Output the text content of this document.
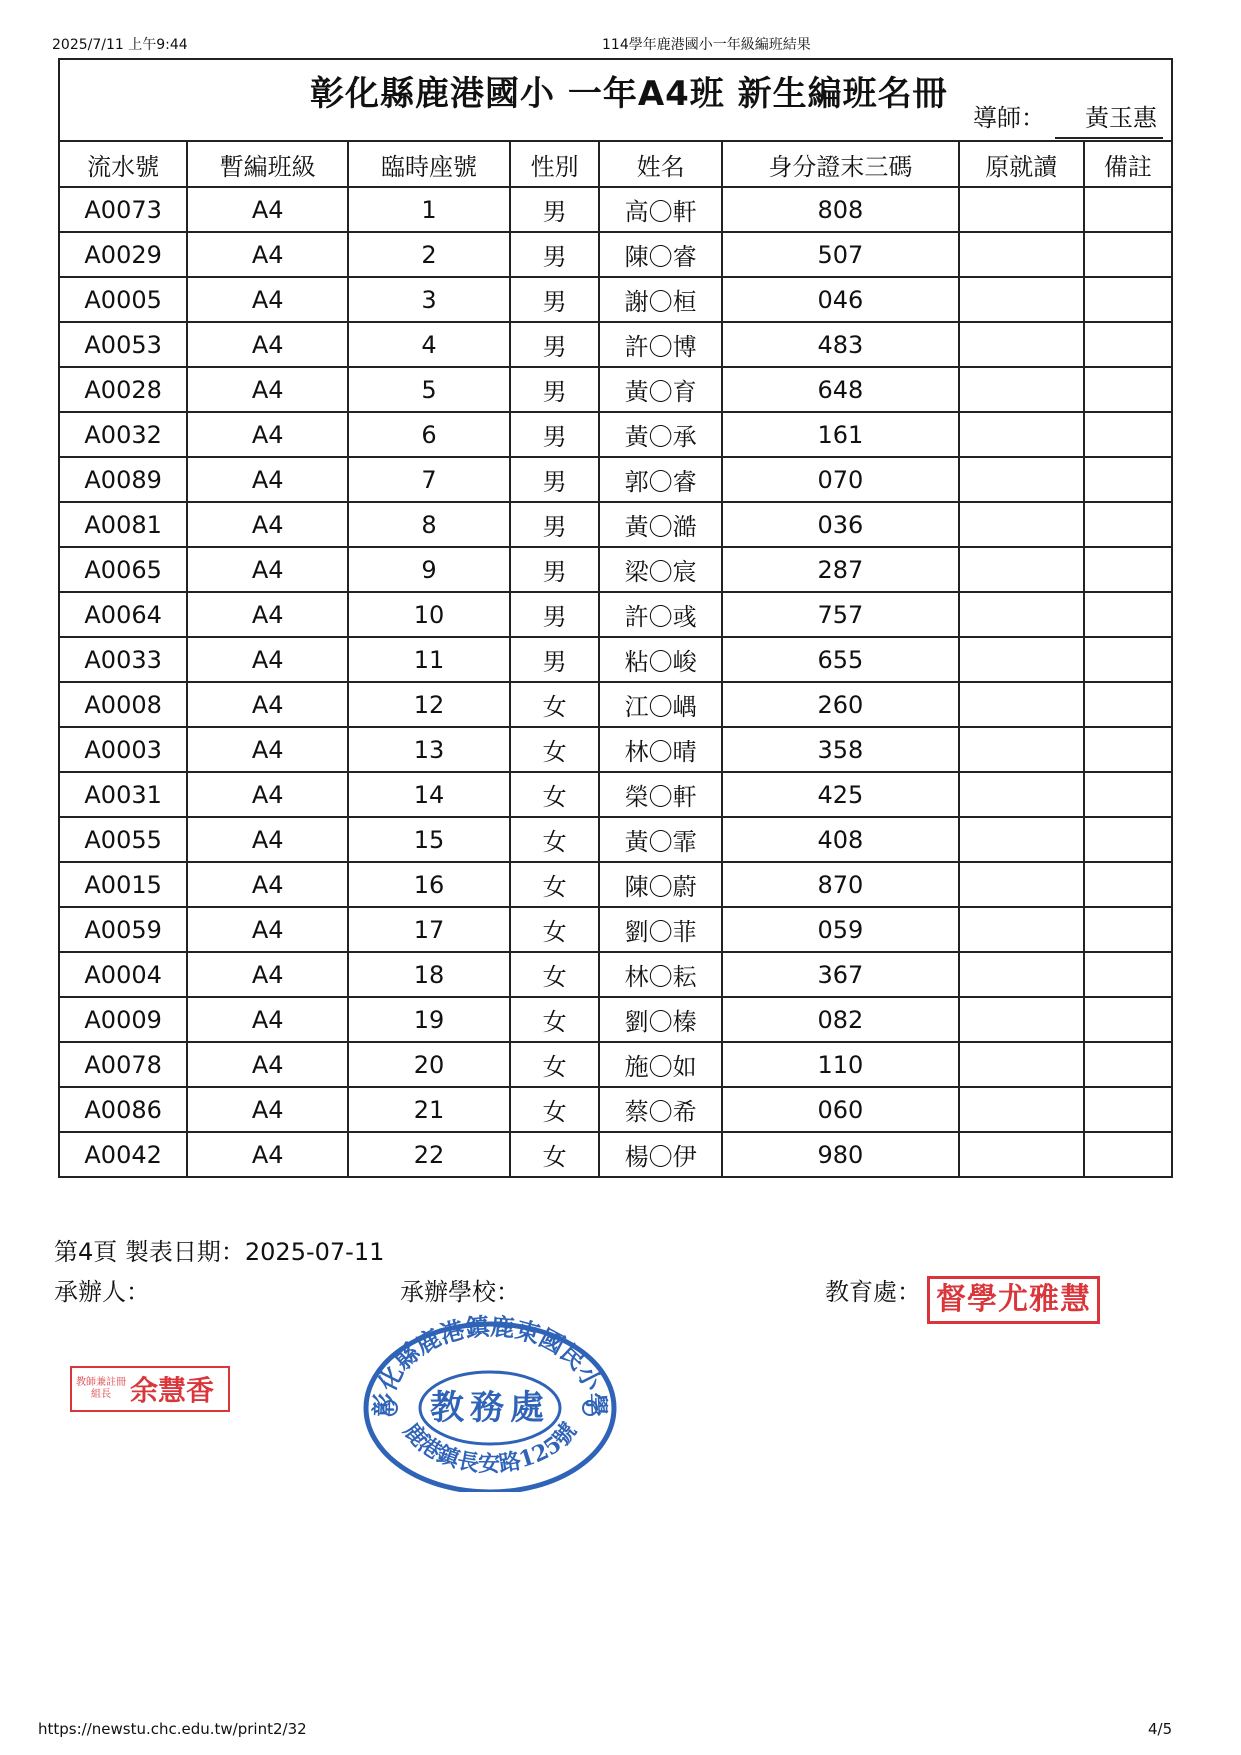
2025/7/11 上午9:44	114學年鹿港國小一年級編班結果
彰化縣鹿港國小 一年A4班 新生編班名冊
導師： 黃玉惠
流水號	暫編班級	臨時座號	性別	姓名	身分證末三碼	原就讀	備註
A0073	A4	1	男	高〇軒	808		
A0029	A4	2	男	陳〇睿	507		
A0005	A4	3	男	謝〇桓	046		
A0053	A4	4	男	許〇博	483		
A0028	A4	5	男	黃〇育	648		
A0032	A4	6	男	黃〇承	161		
A0089	A4	7	男	郭〇睿	070		
A0081	A4	8	男	黃〇澔	036		
A0065	A4	9	男	梁〇宸	287		
A0064	A4	10	男	許〇彧	757		
A0033	A4	11	男	粘〇峻	655		
A0008	A4	12	女	江〇嵎	260		
A0003	A4	13	女	林〇晴	358		
A0031	A4	14	女	榮〇軒	425		
A0055	A4	15	女	黃〇霏	408		
A0015	A4	16	女	陳〇蔚	870		
A0059	A4	17	女	劉〇菲	059		
A0004	A4	18	女	林〇耘	367		
A0009	A4	19	女	劉〇榛	082		
A0078	A4	20	女	施〇如	110		
A0086	A4	21	女	蔡〇希	060		
A0042	A4	22	女	楊〇伊	980		
第4頁 製表日期：2025-07-11
承辦人：	承辦學校：	教育處： 督學尤雅慧
教師兼註冊組長 余慧香	彰化縣鹿港鎮鹿東國民小學
教務處
鹿港鎮長安路125號
https://newstu.chc.edu.tw/print2/32	4/5
